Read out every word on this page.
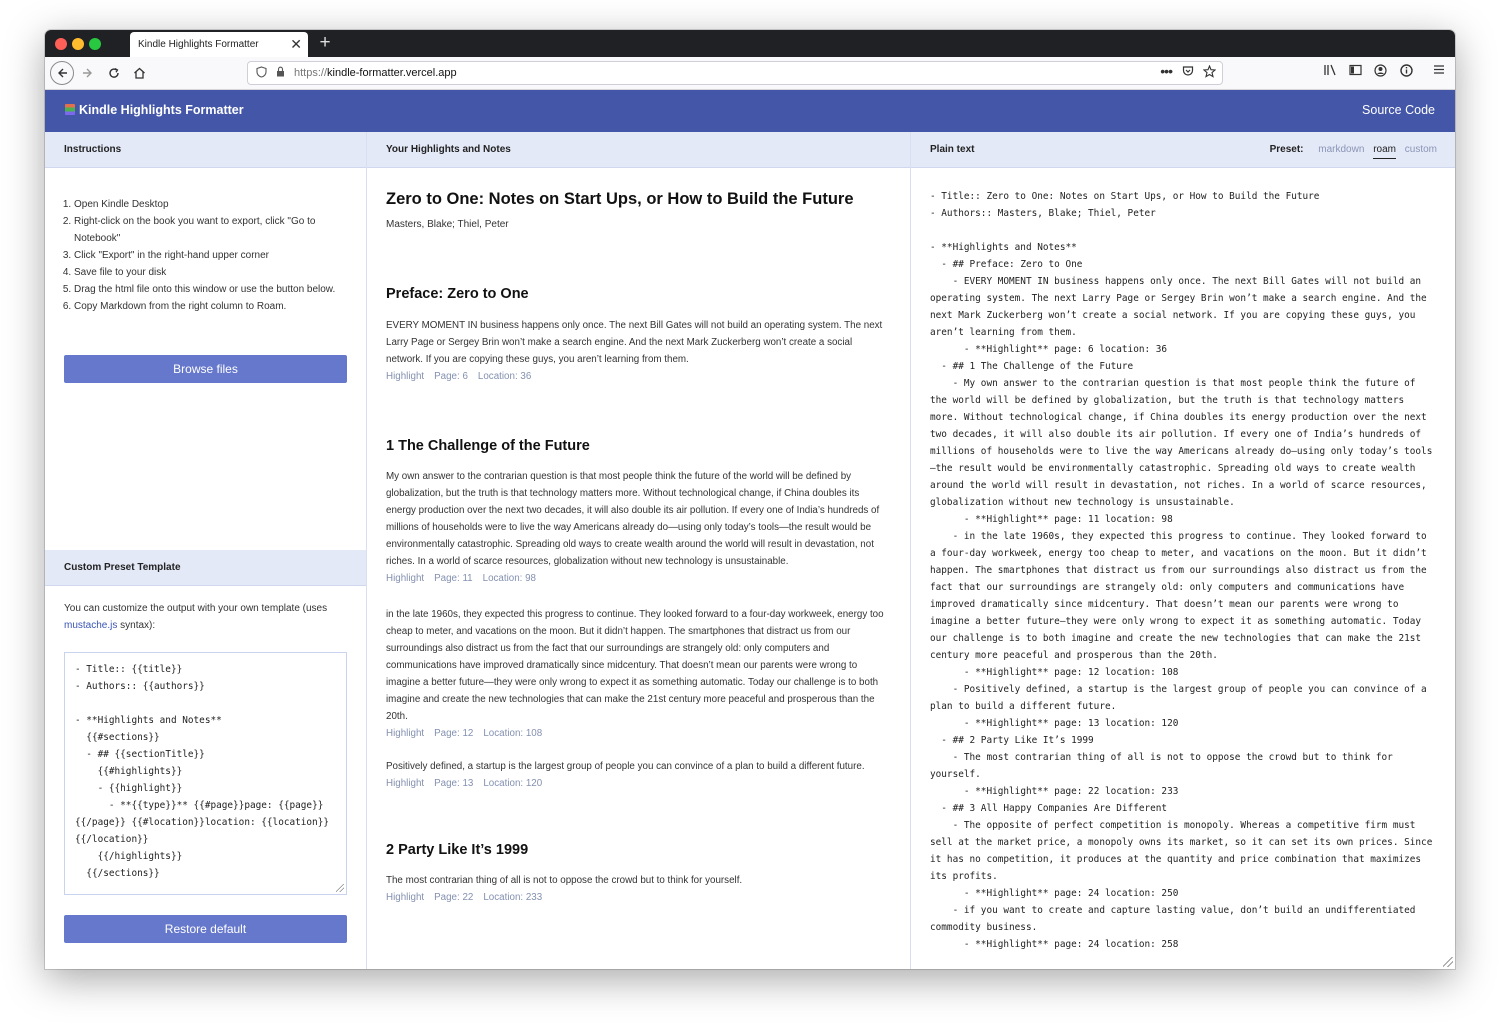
Kindle Highlights Formatter ✕ +
https://kindle-formatter.vercel.app	•••
Kindle Highlights Formatter	Source Code
Instructions
1. Open Kindle Desktop
2. Right-click on the book you want to export, click "Go to Notebook"
3. Click "Export" in the right-hand upper corner
4. Save file to your disk
5. Drag the html file onto this window or use the button below.
6. Copy Markdown from the right column to Roam.
Browse files
Custom Preset Template

You can customize the output with your own template (uses mustache.js syntax):

- Title:: {{title}}
- Authors:: {{authors}}

- **Highlights and Notes**
{{#sections}}
- ## {{sectionTitle}}
{{#highlights}}
- {{highlight}}
- **{{type}}** {{#page}}page: {{page}}{{/page}} {{#location}}location: {{location}}{{/location}}
{{/highlights}}
{{/sections}}
Restore default
Your Highlights and Notes
Zero to One: Notes on Start Ups, or How to Build the Future
Masters, Blake; Thiel, Peter
Preface: Zero to One
EVERY MOMENT IN business happens only once. The next Bill Gates will not build an operating system. The next Larry Page or Sergey Brin won’t make a search engine. And the next Mark Zuckerberg won’t create a social network. If you are copying these guys, you aren’t learning from them.
Highlight Page: 6 Location: 36
1 The Challenge of the Future
My own answer to the contrarian question is that most people think the future of the world will be defined by globalization, but the truth is that technology matters more. Without technological change, if China doubles its energy production over the next two decades, it will also double its air pollution. If every one of India’s hundreds of millions of households were to live the way Americans already do—using only today’s tools—the result would be environmentally catastrophic. Spreading old ways to create wealth around the world will result in devastation, not riches. In a world of scarce resources, globalization without new technology is unsustainable.
Highlight Page: 11 Location: 98
in the late 1960s, they expected this progress to continue. They looked forward to a four-day workweek, energy too cheap to meter, and vacations on the moon. But it didn’t happen. The smartphones that distract us from our surroundings also distract us from the fact that our surroundings are strangely old: only computers and communications have improved dramatically since midcentury. That doesn’t mean our parents were wrong to imagine a better future—they were only wrong to expect it as something automatic. Today our challenge is to both imagine and create the new technologies that can make the 21st century more peaceful and prosperous than the 20th.
Highlight Page: 12 Location: 108
Positively defined, a startup is the largest group of people you can convince of a plan to build a different future.
Highlight Page: 13 Location: 120
2 Party Like It’s 1999
The most contrarian thing of all is not to oppose the crowd but to think for yourself.
Highlight Page: 22 Location: 233
Plain text	Preset: markdown roam custom
- Title:: Zero to One: Notes on Start Ups, or How to Build the Future
- Authors:: Masters, Blake; Thiel, Peter

- **Highlights and Notes**
- ## Preface: Zero to One
- EVERY MOMENT IN business happens only once. The next Bill Gates will not build an operating system. The next Larry Page or Sergey Brin won’t make a search engine. And the next Mark Zuckerberg won’t create a social network. If you are copying these guys, you aren’t learning from them.
- **Highlight** page: 6 location: 36
- ## 1 The Challenge of the Future
- My own answer to the contrarian question is that most people think the future of the world will be defined by globalization, but the truth is that technology matters more. Without technological change, if China doubles its energy production over the next two decades, it will also double its air pollution. If every one of India’s hundreds of millions of households were to live the way Americans already do—using only today’s tools—the result would be environmentally catastrophic. Spreading old ways to create wealth around the world will result in devastation, not riches. In a world of scarce resources, globalization without new technology is unsustainable.
- **Highlight** page: 11 location: 98
- in the late 1960s, they expected this progress to continue. They looked forward to a four-day workweek, energy too cheap to meter, and vacations on the moon. But it didn’t happen. The smartphones that distract us from our surroundings also distract us from the fact that our surroundings are strangely old: only computers and communications have improved dramatically since midcentury. That doesn’t mean our parents were wrong to imagine a better future—they were only wrong to expect it as something automatic. Today our challenge is to both imagine and create the new technologies that can make the 21st century more peaceful and prosperous than the 20th.
- **Highlight** page: 12 location: 108
- Positively defined, a startup is the largest group of people you can convince of a plan to build a different future.
- **Highlight** page: 13 location: 120
- ## 2 Party Like It’s 1999
- The most contrarian thing of all is not to oppose the crowd but to think for yourself.
- **Highlight** page: 22 location: 233
- ## 3 All Happy Companies Are Different
- The opposite of perfect competition is monopoly. Whereas a competitive firm must sell at the market price, a monopoly owns its market, so it can set its own prices. Since it has no competition, it produces at the quantity and price combination that maximizes its profits.
- **Highlight** page: 24 location: 250
- if you want to create and capture lasting value, don’t build an undifferentiated commodity business.
- **Highlight** page: 24 location: 258
